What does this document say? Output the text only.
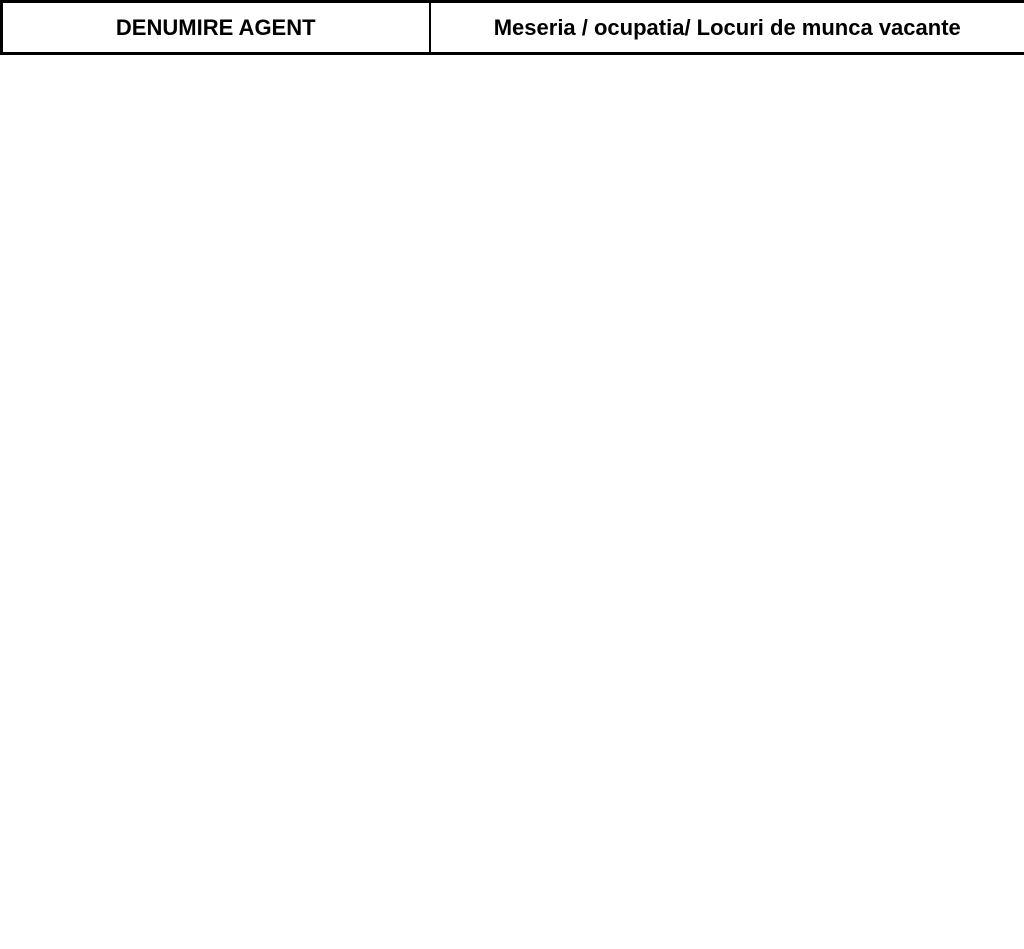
DENUMIRE AGENT	Meseria / ocupatia/ Locuri de munca vacante
